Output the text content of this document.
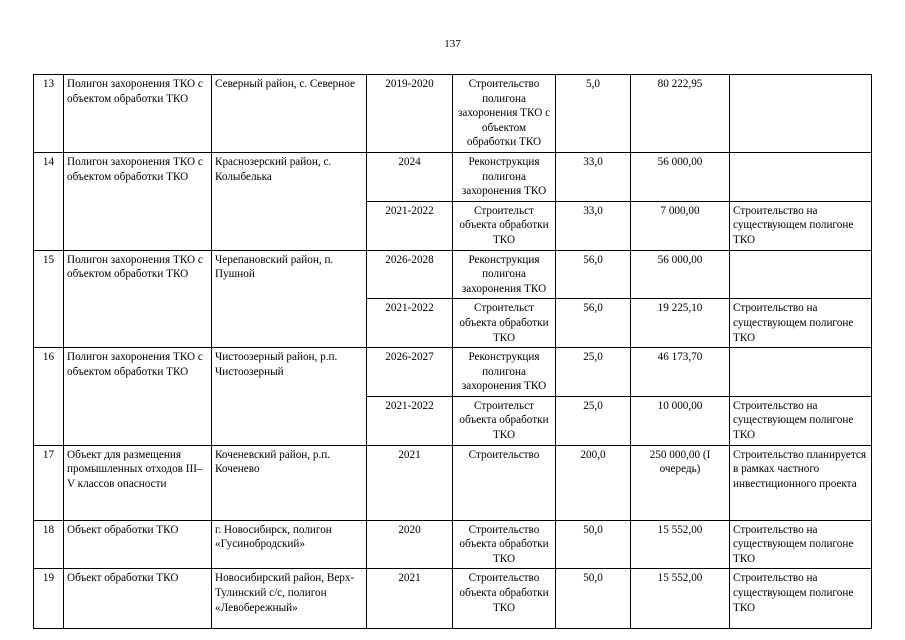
137
13	Полигон захоронения ТКО с объектом обработки ТКО	Северный район, с. Северное	2019-2020	Строительство полигона захоронения ТКО с объектом обработки ТКО	5,0	80 222,95	
14	Полигон захоронения ТКО с объектом обработки ТКО	Краснозерский район, с. Колыбелька	2024	Реконструкция полигона захоронения ТКО	33,0	56 000,00	
			2021-2022	Строительст объекта обработки ТКО	33,0	7 000,00	Строительство на существующем полигоне ТКО
15	Полигон захоронения ТКО с объектом обработки ТКО	Черепановский район, п. Пушной	2026-2028	Реконструкция полигона захоронения ТКО	56,0	56 000,00	
			2021-2022	Строительст объекта обработки ТКО	56,0	19 225,10	Строительство на существующем полигоне ТКО
16	Полигон захоронения ТКО с объектом обработки ТКО	Чистоозерный район, р.п. Чистоозерный	2026-2027	Реконструкция полигона захоронения ТКО	25,0	46 173,70	
			2021-2022	Строительст объекта обработки ТКО	25,0	10 000,00	Строительство на существующем полигоне ТКО
17	Объект для размещения промышленных отходов III–V классов опасности	Коченевский район, р.п. Коченево	2021	Строительство	200,0	250 000,00 (I очередь)	Строительство планируется в рамках частного инвестиционного проекта
18	Объект обработки ТКО	г. Новосибирск, полигон «Гусинобродский»	2020	Строительство объекта обработки ТКО	50,0	15 552,00	Строительство на существующем полигоне ТКО
19	Объект обработки ТКО	Новосибирский район, Верх-Тулинский с/с, полигон «Левобережный»	2021	Строительство объекта обработки ТКО	50,0	15 552,00	Строительство на существующем полигоне ТКО
